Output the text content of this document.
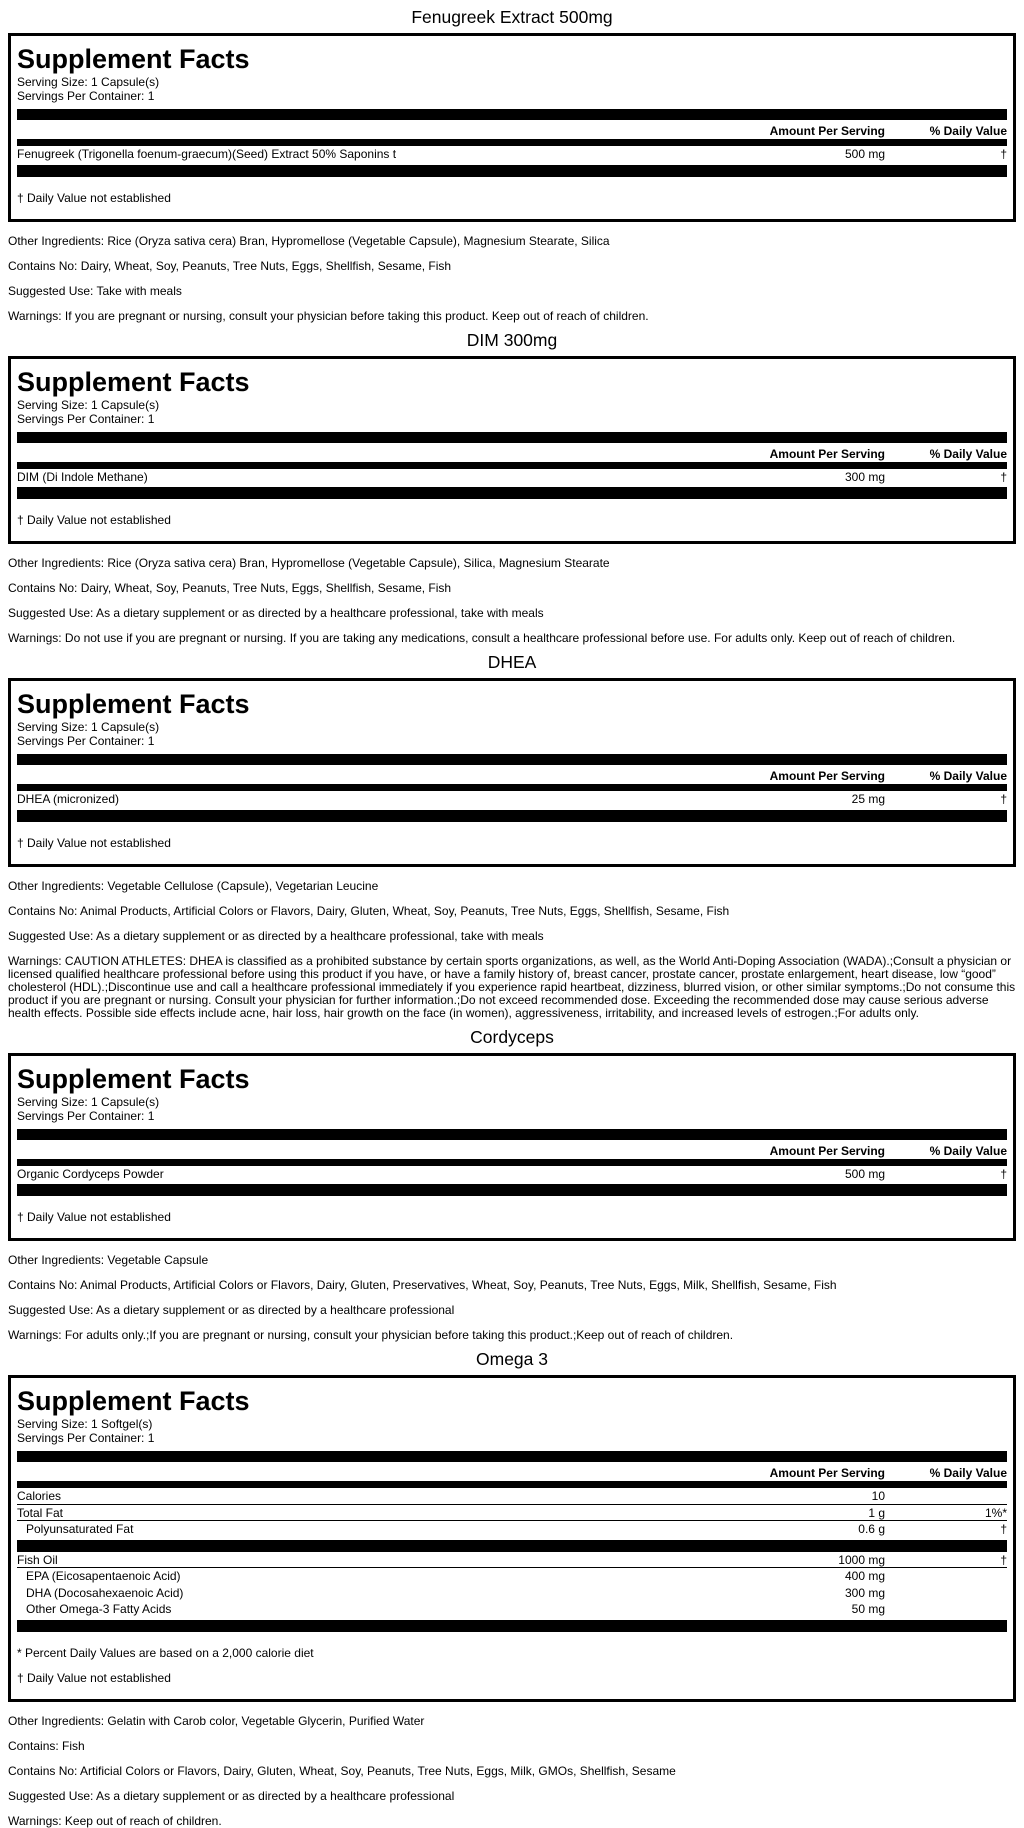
Fenugreek Extract 500mg
Supplement Facts
Serving Size: 1 Capsule(s)
Servings Per Container: 1
Amount Per Serving	% Daily Value
Fenugreek (Trigonella foenum-graecum)(Seed) Extract 50% Saponins t	500 mg	†
† Daily Value not established

Other Ingredients: Rice (Oryza sativa cera) Bran, Hypromellose (Vegetable Capsule), Magnesium Stearate, Silica

Contains No: Dairy, Wheat, Soy, Peanuts, Tree Nuts, Eggs, Shellfish, Sesame, Fish

Suggested Use: Take with meals

Warnings: If you are pregnant or nursing, consult your physician before taking this product. Keep out of reach of children.

DIM 300mg
Supplement Facts
Serving Size: 1 Capsule(s)
Servings Per Container: 1
Amount Per Serving	% Daily Value
DIM (Di Indole Methane)	300 mg	†
† Daily Value not established

Other Ingredients: Rice (Oryza sativa cera) Bran, Hypromellose (Vegetable Capsule), Silica, Magnesium Stearate

Contains No: Dairy, Wheat, Soy, Peanuts, Tree Nuts, Eggs, Shellfish, Sesame, Fish

Suggested Use: As a dietary supplement or as directed by a healthcare professional, take with meals

Warnings: Do not use if you are pregnant or nursing. If you are taking any medications, consult a healthcare professional before use. For adults only. Keep out of reach of children.

DHEA
Supplement Facts
Serving Size: 1 Capsule(s)
Servings Per Container: 1
Amount Per Serving	% Daily Value
DHEA (micronized)	25 mg	†
† Daily Value not established

Other Ingredients: Vegetable Cellulose (Capsule), Vegetarian Leucine

Contains No: Animal Products, Artificial Colors or Flavors, Dairy, Gluten, Wheat, Soy, Peanuts, Tree Nuts, Eggs, Shellfish, Sesame, Fish

Suggested Use: As a dietary supplement or as directed by a healthcare professional, take with meals

Warnings: CAUTION ATHLETES: DHEA is classified as a prohibited substance by certain sports organizations, as well, as the World Anti-Doping Association (WADA).;Consult a physician or licensed qualified healthcare professional before using this product if you have, or have a family history of, breast cancer, prostate cancer, prostate enlargement, heart disease, low “good” cholesterol (HDL).;Discontinue use and call a healthcare professional immediately if you experience rapid heartbeat, dizziness, blurred vision, or other similar symptoms.;Do not consume this product if you are pregnant or nursing. Consult your physician for further information.;Do not exceed recommended dose. Exceeding the recommended dose may cause serious adverse health effects. Possible side effects include acne, hair loss, hair growth on the face (in women), aggressiveness, irritability, and increased levels of estrogen.;For adults only.

Cordyceps
Supplement Facts
Serving Size: 1 Capsule(s)
Servings Per Container: 1
Amount Per Serving	% Daily Value
Organic Cordyceps Powder	500 mg	†
† Daily Value not established

Other Ingredients: Vegetable Capsule

Contains No: Animal Products, Artificial Colors or Flavors, Dairy, Gluten, Preservatives, Wheat, Soy, Peanuts, Tree Nuts, Eggs, Milk, Shellfish, Sesame, Fish

Suggested Use: As a dietary supplement or as directed by a healthcare professional

Warnings: For adults only.;If you are pregnant or nursing, consult your physician before taking this product.;Keep out of reach of children.

Omega 3
Supplement Facts
Serving Size: 1 Softgel(s)
Servings Per Container: 1
Amount Per Serving	% Daily Value
Calories	10
Total Fat	1 g	1%*
Polyunsaturated Fat	0.6 g	†
Fish Oil	1000 mg	†
EPA (Eicosapentaenoic Acid)	400 mg
DHA (Docosahexaenoic Acid)	300 mg
Other Omega-3 Fatty Acids	50 mg
* Percent Daily Values are based on a 2,000 calorie diet
† Daily Value not established

Other Ingredients: Gelatin with Carob color, Vegetable Glycerin, Purified Water

Contains: Fish

Contains No: Artificial Colors or Flavors, Dairy, Gluten, Wheat, Soy, Peanuts, Tree Nuts, Eggs, Milk, GMOs, Shellfish, Sesame

Suggested Use: As a dietary supplement or as directed by a healthcare professional

Warnings: Keep out of reach of children.
